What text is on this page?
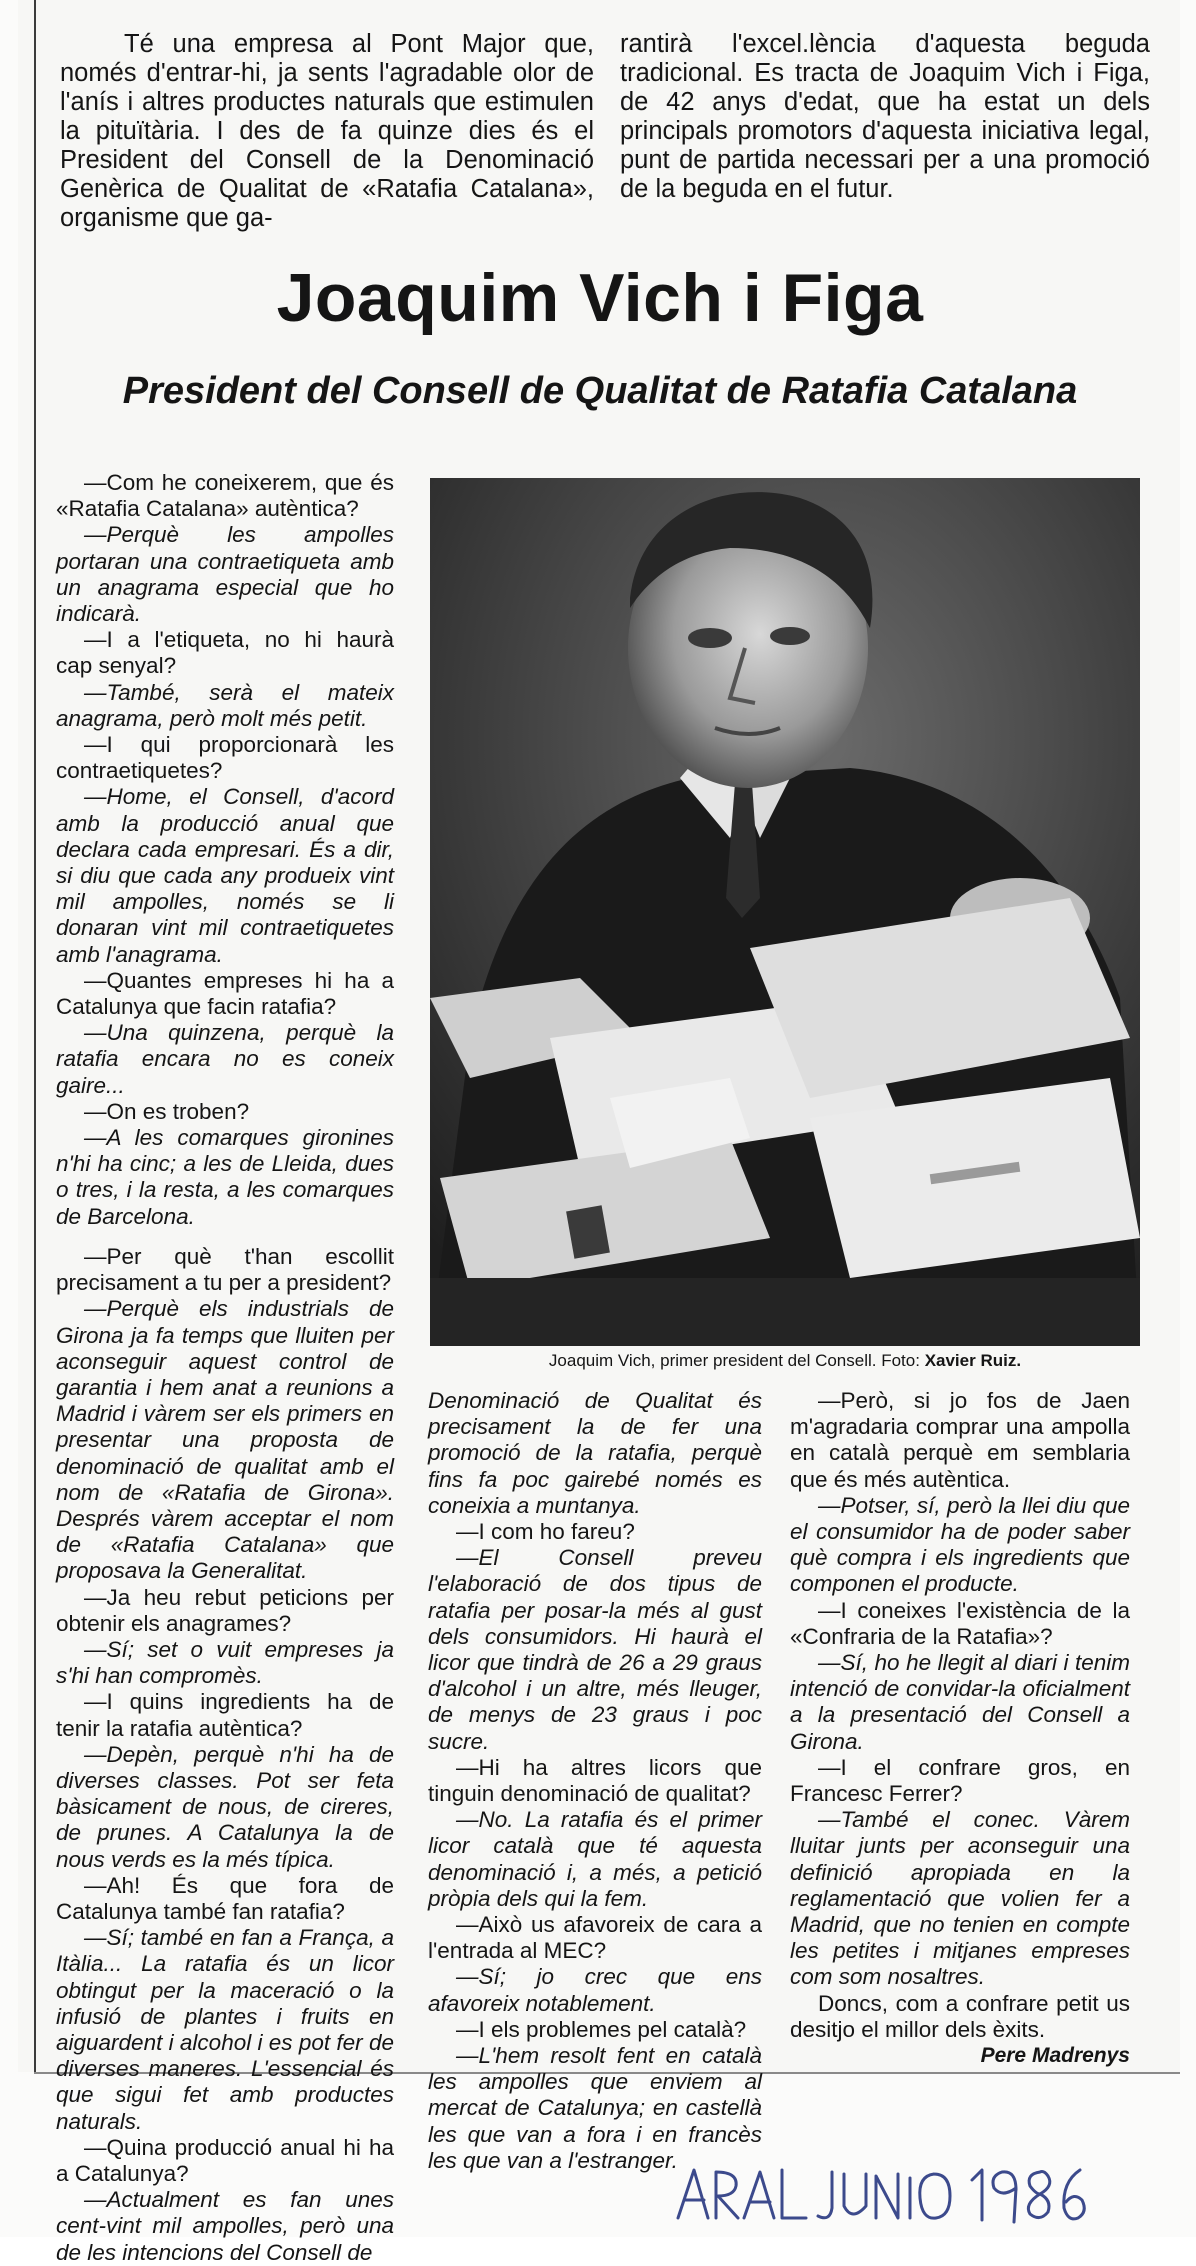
Té una empresa al Pont Major que, només d'entrar-hi, ja sents l'agradable olor de l'anís i altres productes naturals que estimulen la pituïtària. I des de fa quinze dies és el President del Consell de la Denominació Genèrica de Qualitat de «Ratafia Catalana», organisme que ga-

rantirà l'excel.lència d'aquesta beguda tradicional. Es tracta de Joaquim Vich i Figa, de 42 anys d'edat, que ha estat un dels principals promotors d'aquesta iniciativa legal, punt de partida necessari per a una promoció de la beguda en el futur.

Joaquim Vich i Figa
President del Consell de Qualitat de Ratafia Catalana

—Com he coneixerem, que és «Ratafia Catalana» autèntica?

—Perquè les ampolles portaran una contraetiqueta amb un anagrama especial que ho indicarà.

—I a l'etiqueta, no hi haurà cap senyal?

—També, serà el mateix anagrama, però molt més petit.

—I qui proporcionarà les contraetiquetes?

—Home, el Consell, d'acord amb la producció anual que declara cada empresari. És a dir, si diu que cada any produeix vint mil ampolles, només se li donaran vint mil contraetiquetes amb l'anagrama.

—Quantes empreses hi ha a Catalunya que facin ratafia?

—Una quinzena, perquè la ratafia encara no es coneix gaire...

—On es troben?

—A les comarques gironines n'hi ha cinc; a les de Lleida, dues o tres, i la resta, a les comarques de Barcelona.

—Per què t'han escollit precisament a tu per a president?

—Perquè els industrials de Girona ja fa temps que lluiten per aconseguir aquest control de garantia i hem anat a reunions a Madrid i vàrem ser els primers en presentar una proposta de denominació de qualitat amb el nom de «Ratafia de Girona». Després vàrem acceptar el nom de «Ratafia Catalana» que proposava la Generalitat.

—Ja heu rebut peticions per obtenir els anagrames?

—Sí; set o vuit empreses ja s'hi han compromès.

—I quins ingredients ha de tenir la ratafia autèntica?

—Depèn, perquè n'hi ha de diverses classes. Pot ser feta bàsicament de nous, de cireres, de prunes. A Catalunya la de nous verds es la més típica.

—Ah! És que fora de Catalunya també fan ratafia?

—Sí; també en fan a França, a Itàlia... La ratafia és un licor obtingut per la maceració o la infusió de plantes i fruits en aiguardent i alcohol i es pot fer de diverses maneres. L'essencial és que sigui fet amb productes naturals.

—Quina producció anual hi ha a Catalunya?

—Actualment es fan unes cent-vint mil ampolles, però una de les intencions del Consell de

Joaquim Vich, primer president del Consell. Foto: Xavier Ruiz.

Denominació de Qualitat és precisament la de fer una promoció de la ratafia, perquè fins fa poc gairebé només es coneixia a muntanya.

—I com ho fareu?

—El Consell preveu l'elaboració de dos tipus de ratafia per posar-la més al gust dels consumidors. Hi haurà el licor que tindrà de 26 a 29 graus d'alcohol i un altre, més lleuger, de menys de 23 graus i poc sucre.

—Hi ha altres licors que tinguin denominació de qualitat?

—No. La ratafia és el primer licor català que té aquesta denominació i, a més, a petició pròpia dels qui la fem.

—Això us afavoreix de cara a l'entrada al MEC?

—Sí; jo crec que ens afavoreix notablement.

—I els problemes pel català?

—L'hem resolt fent en català les ampolles que enviem al mercat de Catalunya; en castellà les que van a fora i en francès les que van a l'estranger.

—Però, si jo fos de Jaen m'agradaria comprar una ampolla en català perquè em semblaria que és més autèntica.

—Potser, sí, però la llei diu que el consumidor ha de poder saber què compra i els ingredients que componen el producte.

—I coneixes l'existència de la «Confraria de la Ratafia»?

—Sí, ho he llegit al diari i tenim intenció de convidar-la oficialment a la presentació del Consell a Girona.

—I el confrare gros, en Francesc Ferrer?

—També el conec. Vàrem lluitar junts per aconseguir una definició apropiada en la reglamentació que volien fer a Madrid, que no tenien en compte les petites i mitjanes empreses com som nosaltres.

Doncs, com a confrare petit us desitjo el millor dels èxits.

Pere Madrenys
